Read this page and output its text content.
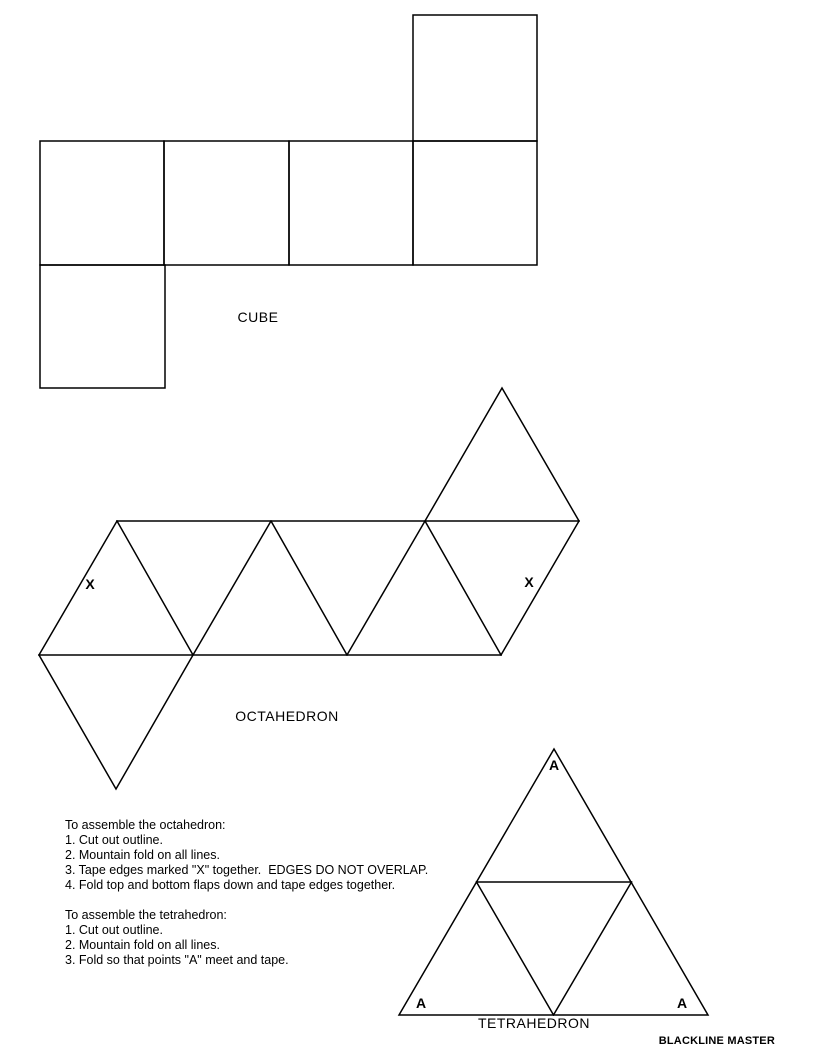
CUBE
OCTAHEDRON
TETRAHEDRON
X	X
A
A	A
To assemble the octahedron:
1. Cut out outline.
2. Mountain fold on all lines.
3. Tape edges marked "X" together.  EDGES DO NOT OVERLAP.
4. Fold top and bottom flaps down and tape edges together.
To assemble the tetrahedron:
1. Cut out outline.
2. Mountain fold on all lines.
3. Fold so that points "A" meet and tape.
BLACKLINE MASTER
